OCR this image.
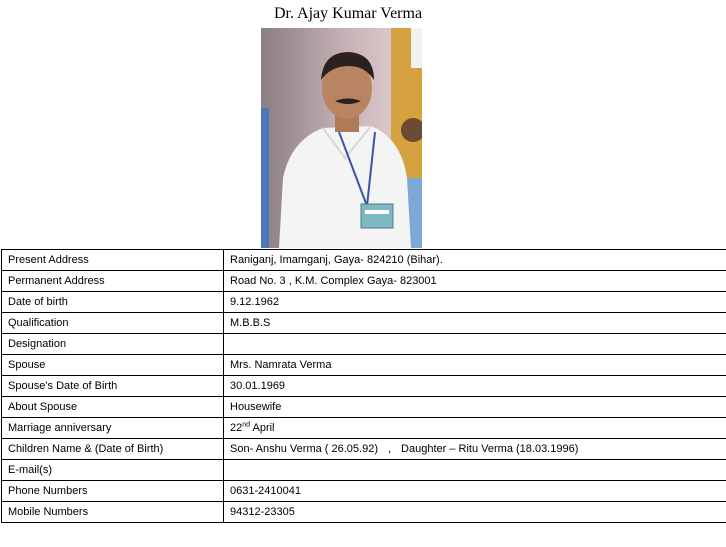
Dr. Ajay Kumar Verma
Present Address	Raniganj, Imamganj, Gaya- 824210 (Bihar).
Permanent Address	Road No. 3 , K.M. Complex Gaya- 823001
Date of birth	9.12.1962
Qualification	M.B.B.S
Designation	
Spouse	Mrs. Namrata Verma
Spouse’s Date of Birth	30.01.1969
About Spouse	Housewife
Marriage anniversary	22nd April
Children Name & (Date of Birth)	Son- Anshu Verma ( 26.05.92) , Daughter – Ritu Verma (18.03.1996)
E-mail(s)	
Phone Numbers	0631-2410041
Mobile Numbers	94312-23305
